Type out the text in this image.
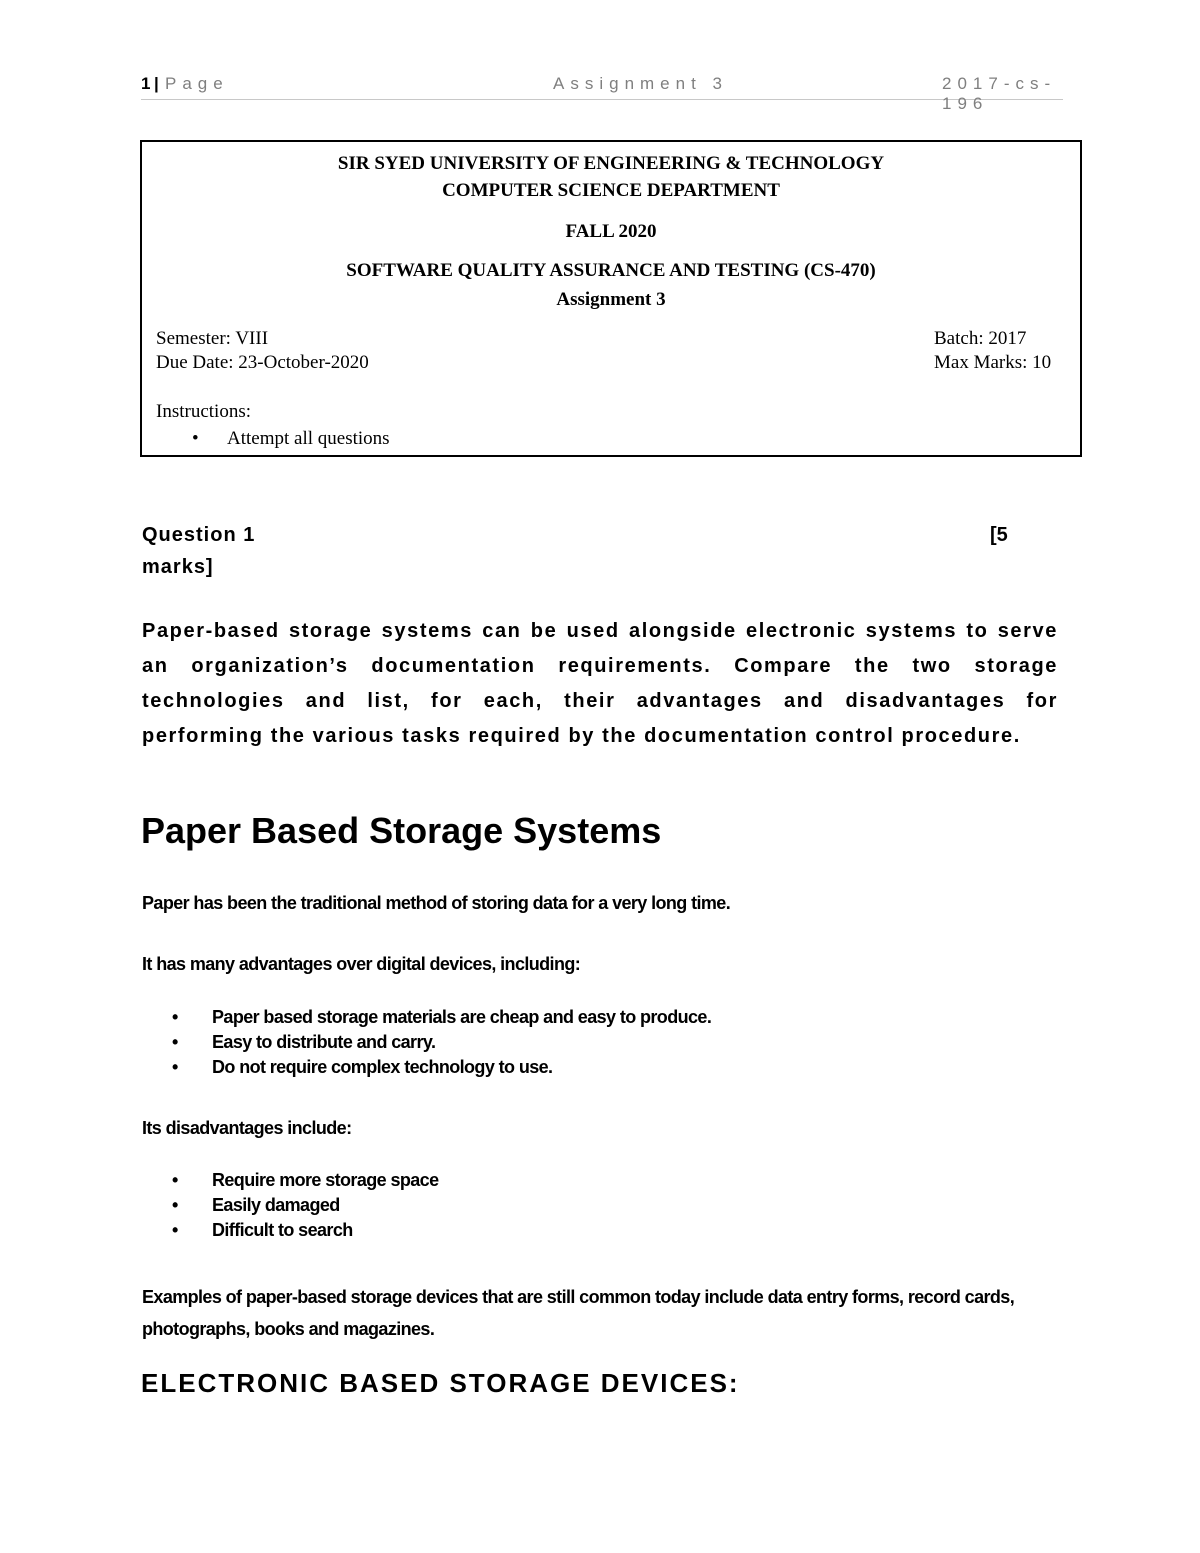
1 | Page	Assignment 3	2017-cs-196
SIR SYED UNIVERSITY OF ENGINEERING & TECHNOLOGY
COMPUTER SCIENCE DEPARTMENT
FALL 2020
SOFTWARE QUALITY ASSURANCE AND TESTING (CS-470)
Assignment 3
Semester: VIII	Batch: 2017
Due Date: 23-October-2020	Max Marks: 10
Instructions:
• Attempt all questions
Question 1	[5
marks]
Paper-based storage systems can be used alongside electronic systems to serve an organization’s documentation requirements. Compare the two storage technologies and list, for each, their advantages and disadvantages for performing the various tasks required by the documentation control procedure.
Paper Based Storage Systems
Paper has been the traditional method of storing data for a very long time.
It has many advantages over digital devices, including:
• Paper based storage materials are cheap and easy to produce.
• Easy to distribute and carry.
• Do not require complex technology to use.
Its disadvantages include:
• Require more storage space
• Easily damaged
• Difficult to search
Examples of paper-based storage devices that are still common today include data entry forms, record cards, photographs, books and magazines.
ELECTRONIC BASED STORAGE DEVICES:
